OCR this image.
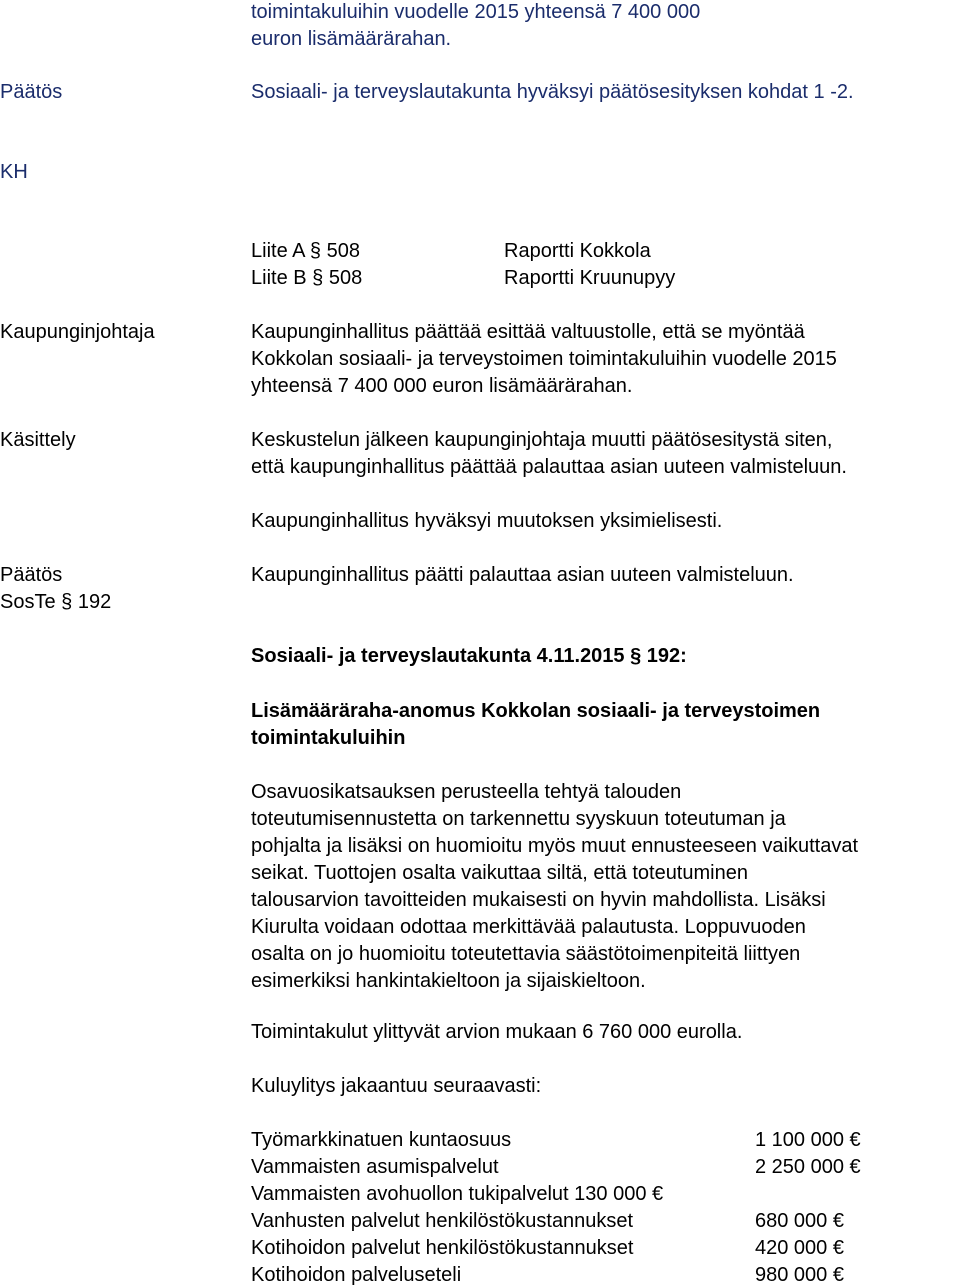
toimintakuluihin vuodelle 2015 yhteensä 7 400 000
euron lisämäärärahan.
Päätös	Sosiaali- ja terveyslautakunta hyväksyi päätösesityksen kohdat 1 -2.
KH
Liite A § 508	Raportti Kokkola
Liite B § 508	Raportti Kruunupyy
Kaupunginjohtaja	Kaupunginhallitus päättää esittää valtuustolle, että se myöntää
Kokkolan sosiaali- ja terveystoimen toimintakuluihin vuodelle 2015
yhteensä 7 400 000 euron lisämäärärahan.
Käsittely	Keskustelun jälkeen kaupunginjohtaja muutti päätösesitystä siten,
että kaupunginhallitus päättää palauttaa asian uuteen valmisteluun.
Kaupunginhallitus hyväksyi muutoksen yksimielisesti.
Päätös	Kaupunginhallitus päätti palauttaa asian uuteen valmisteluun.
SosTe § 192
Sosiaali- ja terveyslautakunta 4.11.2015 § 192:
Lisämääräraha-anomus Kokkolan sosiaali- ja terveystoimen
toimintakuluihin
Osavuosikatsauksen perusteella tehtyä talouden
toteutumisennustetta on tarkennettu syyskuun toteutuman ja
pohjalta ja lisäksi on huomioitu myös muut ennusteeseen vaikuttavat
seikat. Tuottojen osalta vaikuttaa siltä, että toteutuminen
talousarvion tavoitteiden mukaisesti on hyvin mahdollista. Lisäksi
Kiurulta voidaan odottaa merkittävää palautusta. Loppuvuoden
osalta on jo huomioitu toteutettavia säästötoimenpiteitä liittyen
esimerkiksi hankintakieltoon ja sijaiskieltoon.
Toimintakulut ylittyvät arvion mukaan 6 760 000 eurolla.
Kuluylitys jakaantuu seuraavasti:
Työmarkkinatuen kuntaosuus	1 100 000 €
Vammaisten asumispalvelut	2 250 000 €
Vammaisten avohuollon tukipalvelut 130 000 €
Vanhusten palvelut henkilöstökustannukset	680 000 €
Kotihoidon palvelut henkilöstökustannukset	420 000 €
Kotihoidon palveluseteli	980 000 €
